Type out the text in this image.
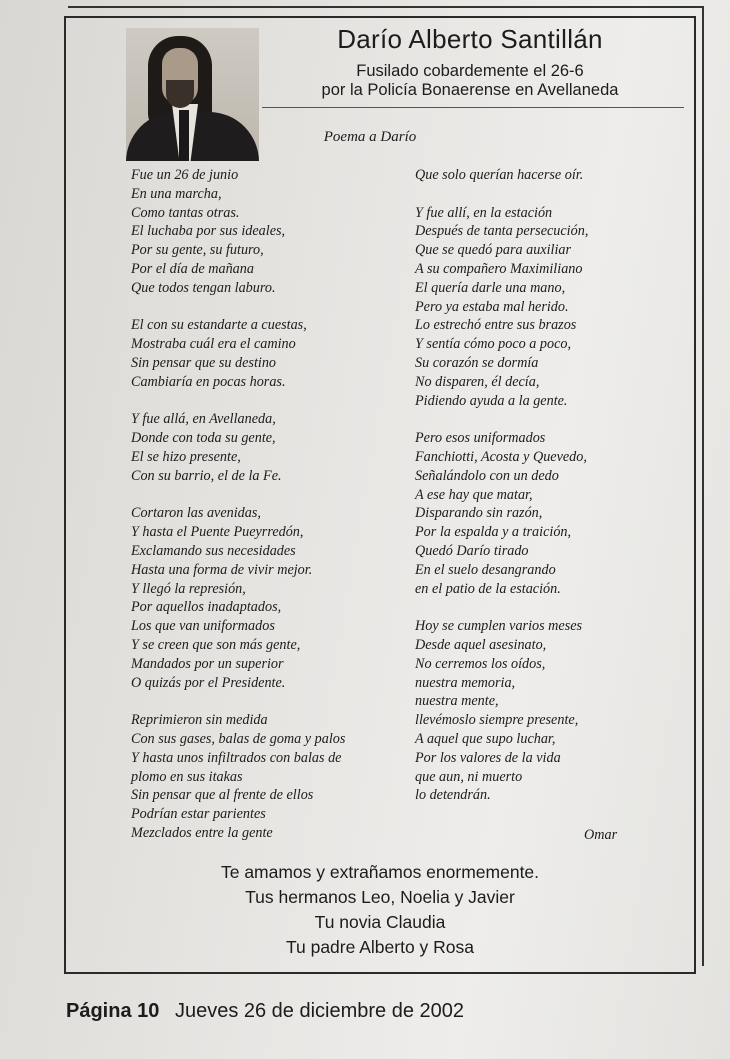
Darío Alberto Santillán
Fusilado cobardemente el 26-6
por la Policía Bonaerense en Avellaneda
Poema a Darío
Fue un 26 de junio
En una marcha,
Como tantas otras.
El luchaba por sus ideales,
Por su gente, su futuro,
Por el día de mañana
Que todos tengan laburo.
El con su estandarte a cuestas,
Mostraba cuál era el camino
Sin pensar que su destino
Cambiaría en pocas horas.
Y fue allá, en Avellaneda,
Donde con toda su gente,
El se hizo presente,
Con su barrio, el de la Fe.
Cortaron las avenidas,
Y hasta el Puente Pueyrredón,
Exclamando sus necesidades
Hasta una forma de vivir mejor.
Y llegó la represión,
Por aquellos inadaptados,
Los que van uniformados
Y se creen que son más gente,
Mandados por un superior
O quizás por el Presidente.
Reprimieron sin medida
Con sus gases, balas de goma y palos
Y hasta unos infiltrados con balas de
plomo en sus itakas
Sin pensar que al frente de ellos
Podrían estar parientes
Mezclados entre la gente
Que solo querían hacerse oír.
Y fue allí, en la estación
Después de tanta persecución,
Que se quedó para auxiliar
A su compañero Maximiliano
El quería darle una mano,
Pero ya estaba mal herido.
Lo estrechó entre sus brazos
Y sentía cómo poco a poco,
Su corazón se dormía
No disparen, él decía,
Pidiendo ayuda a la gente.
Pero esos uniformados
Fanchiotti, Acosta y Quevedo,
Señalándolo con un dedo
A ese hay que matar,
Disparando sin razón,
Por la espalda y a traición,
Quedó Darío tirado
En el suelo desangrando
en el patio de la estación.
Hoy se cumplen varios meses
Desde aquel asesinato,
No cerremos los oídos,
nuestra memoria,
nuestra mente,
llevémoslo siempre presente,
A aquel que supo luchar,
Por los valores de la vida
que aun, ni muerto
lo detendrán.
Omar
Te amamos y extrañamos enormemente.
Tus hermanos Leo, Noelia y Javier
Tu novia Claudia
Tu padre Alberto y Rosa
Página 10 Jueves 26 de diciembre de 2002
